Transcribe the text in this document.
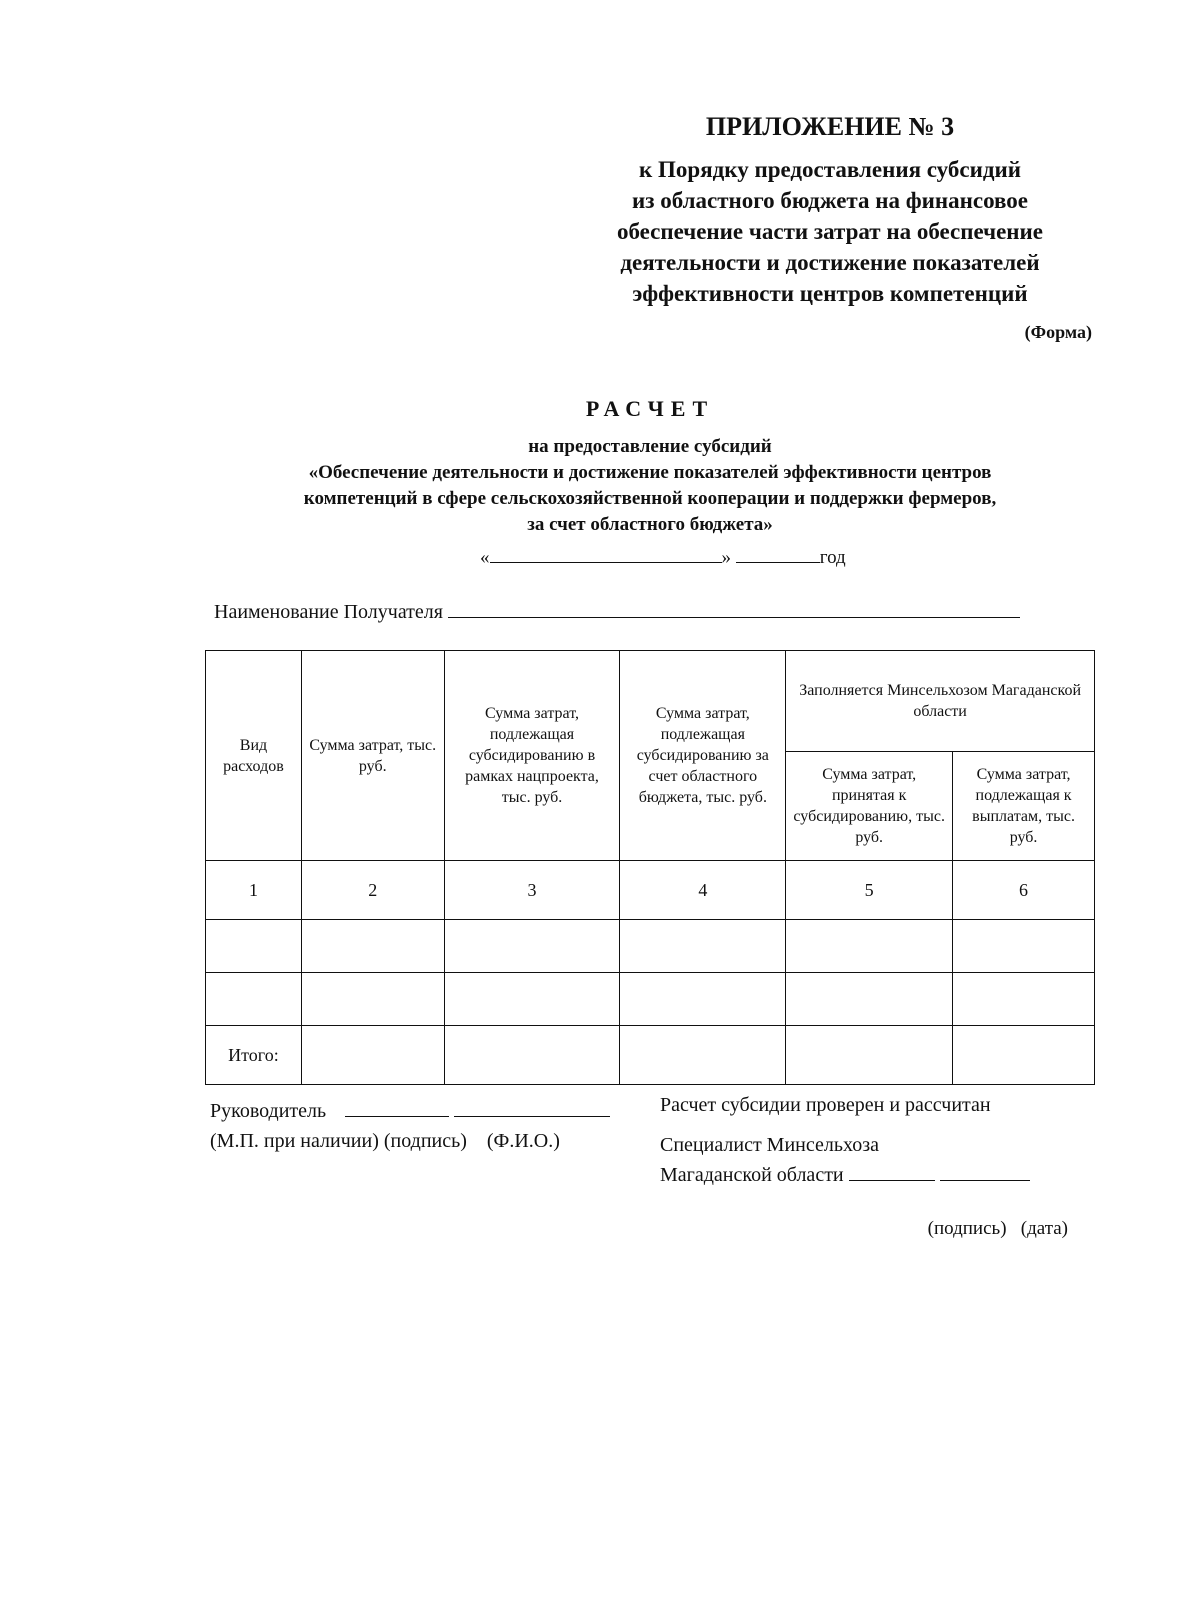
ПРИЛОЖЕНИЕ № 3
к Порядку предоставления субсидий
из областного бюджета на финансовое
обеспечение части затрат на обеспечение
деятельности и достижение показателей
эффективности центров компетенций
(Форма)
РАСЧЕТ
на предоставление субсидий
«Обеспечение деятельности и достижение показателей эффективности центров
компетенций в сфере сельскохозяйственной кооперации и поддержки фермеров,
за счет областного бюджета»
«	»	год
Наименование Получателя
Вид расходов	Сумма затрат, тыс. руб.	Сумма затрат, подлежащая субсидированию в рамках нацпроекта, тыс. руб.	Сумма затрат, подлежащая субсидированию за счет областного бюджета, тыс. руб.	Заполняется Минсельхозом Магаданской области	
				Сумма затрат, принятая к субсидированию, тыс. руб.	Сумма затрат, подлежащая к выплатам, тыс. руб.
1	2	3	4	5	6

Итого:					
Руководитель
(М.П. при наличии) (подпись)    (Ф.И.О.)
Расчет субсидии проверен и рассчитан
Специалист Минсельхоза
Магаданской области
(подпись)   (дата)
